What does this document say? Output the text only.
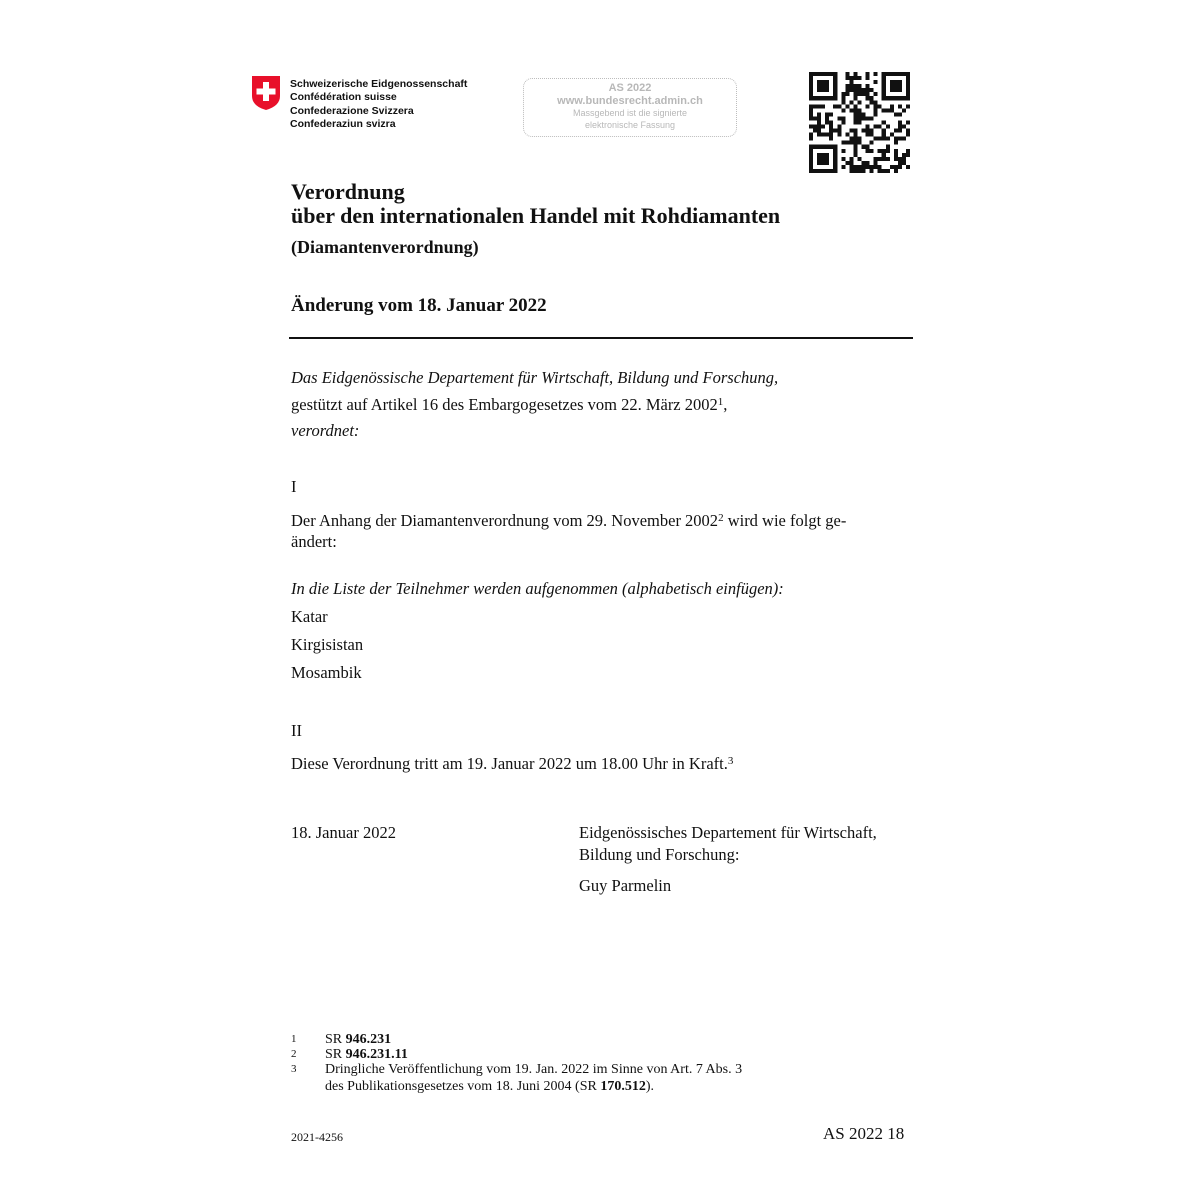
Schweizerische Eidgenossenschaft
Confédération suisse
Confederazione Svizzera
Confederaziun svizra
AS 2022
www.bundesrecht.admin.ch
Massgebend ist die signierte
elektronische Fassung
Verordnung
über den internationalen Handel mit Rohdiamanten
(Diamantenverordnung)
Änderung vom 18. Januar 2022
Das Eidgenössische Departement für Wirtschaft, Bildung und Forschung,
gestützt auf Artikel 16 des Embargogesetzes vom 22. März 2002$^1$,
verordnet:
I
Der Anhang der Diamantenverordnung vom 29. November 2002$^2$ wird wie folgt ge-
ändert:
In die Liste der Teilnehmer werden aufgenommen (alphabetisch einfügen):
Katar
Kirgisistan
Mosambik
II
Diese Verordnung tritt am 19. Januar 2022 um 18.00 Uhr in Kraft.$^3$
18. Januar 2022	Eidgenössisches Departement für Wirtschaft,
Bildung und Forschung:
Guy Parmelin
1 SR 946.231
2 SR 946.231.11
3 Dringliche Veröffentlichung vom 19. Jan. 2022 im Sinne von Art. 7 Abs. 3
des Publikationsgesetzes vom 18. Juni 2004 (SR 170.512).
2021-4256	AS 2022 18
